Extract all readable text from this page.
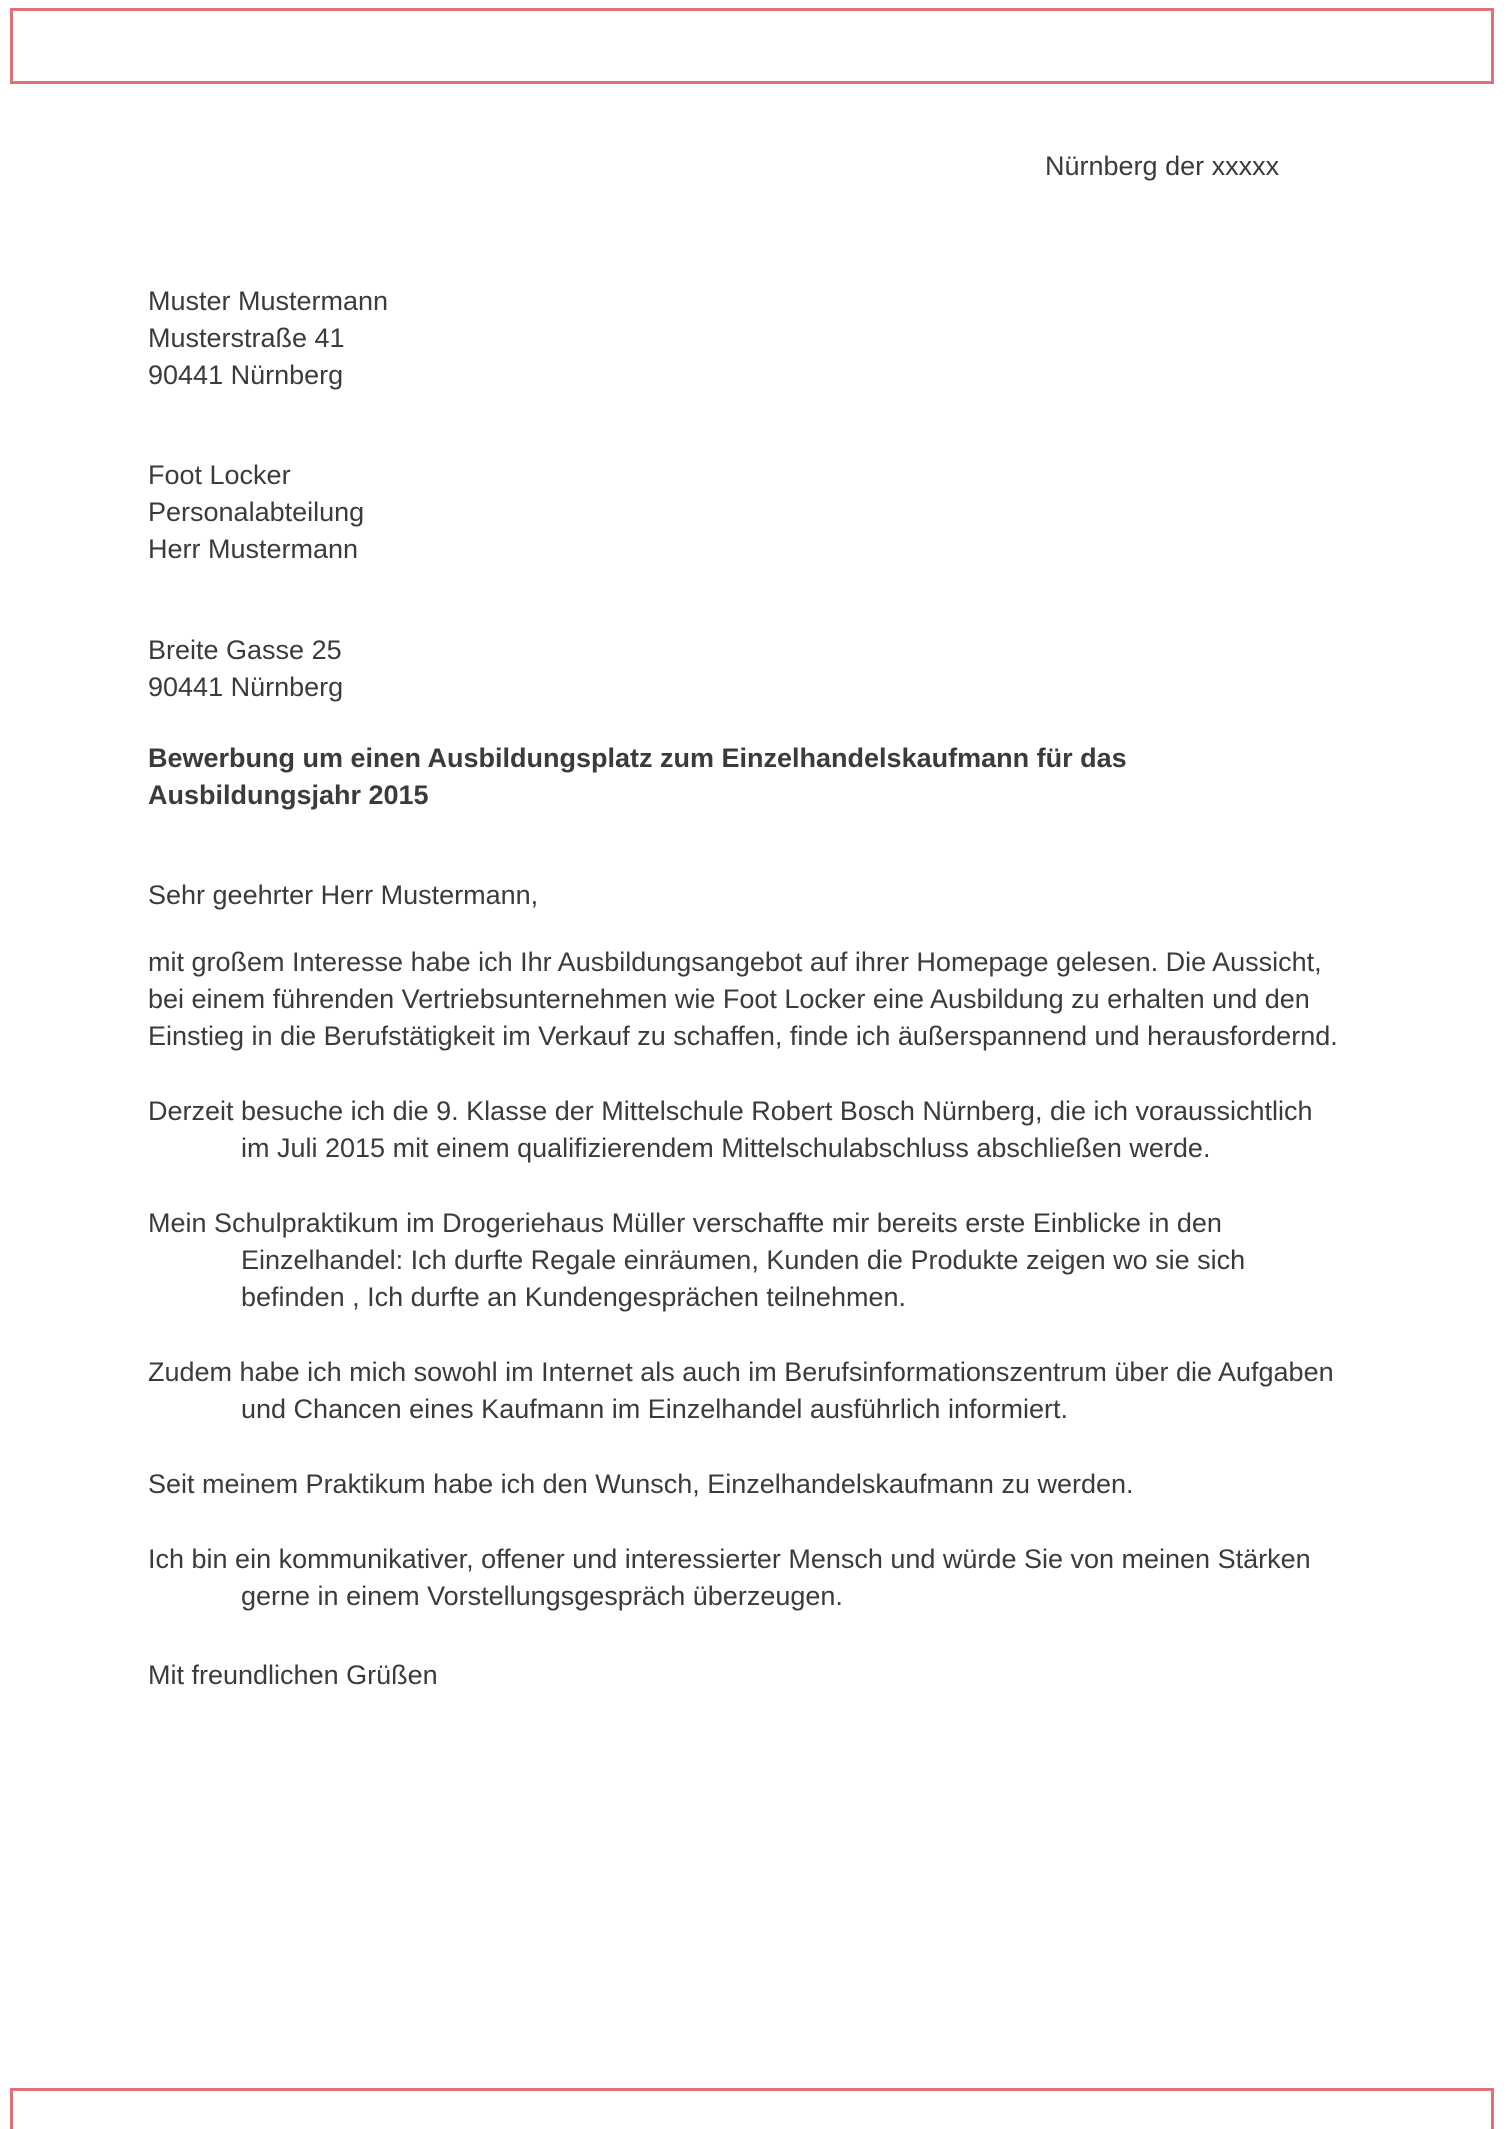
Nürnberg der xxxxx
Muster Mustermann
Musterstraße 41
90441 Nürnberg
Foot Locker
Personalabteilung
Herr Mustermann
Breite Gasse 25
90441 Nürnberg
Bewerbung um einen Ausbildungsplatz zum Einzelhandelskaufmann für das Ausbildungsjahr 2015
Sehr geehrter Herr Mustermann,

mit großem Interesse habe ich Ihr Ausbildungsangebot auf ihrer Homepage gelesen. Die Aussicht, bei einem führenden Vertriebsunternehmen wie Foot Locker eine Ausbildung zu erhalten und den Einstieg in die Berufstätigkeit im Verkauf zu schaffen, finde ich äußerspannend und herausfordernd.

Derzeit besuche ich die 9. Klasse der Mittelschule Robert Bosch Nürnberg, die ich voraussichtlich im Juli 2015 mit einem qualifizierendem Mittelschulabschluss abschließen werde.

Mein Schulpraktikum im Drogeriehaus Müller verschaffte mir bereits erste Einblicke in den Einzelhandel: Ich durfte Regale einräumen, Kunden die Produkte zeigen wo sie sich befinden , Ich durfte an Kundengesprächen teilnehmen.

Zudem habe ich mich sowohl im Internet als auch im Berufsinformationszentrum über die Aufgaben und Chancen eines Kaufmann im Einzelhandel ausführlich informiert.

Seit meinem Praktikum habe ich den Wunsch, Einzelhandelskaufmann zu werden.

Ich bin ein kommunikativer, offener und interessierter Mensch und würde Sie von meinen Stärken gerne in einem Vorstellungsgespräch überzeugen.

Mit freundlichen Grüßen
